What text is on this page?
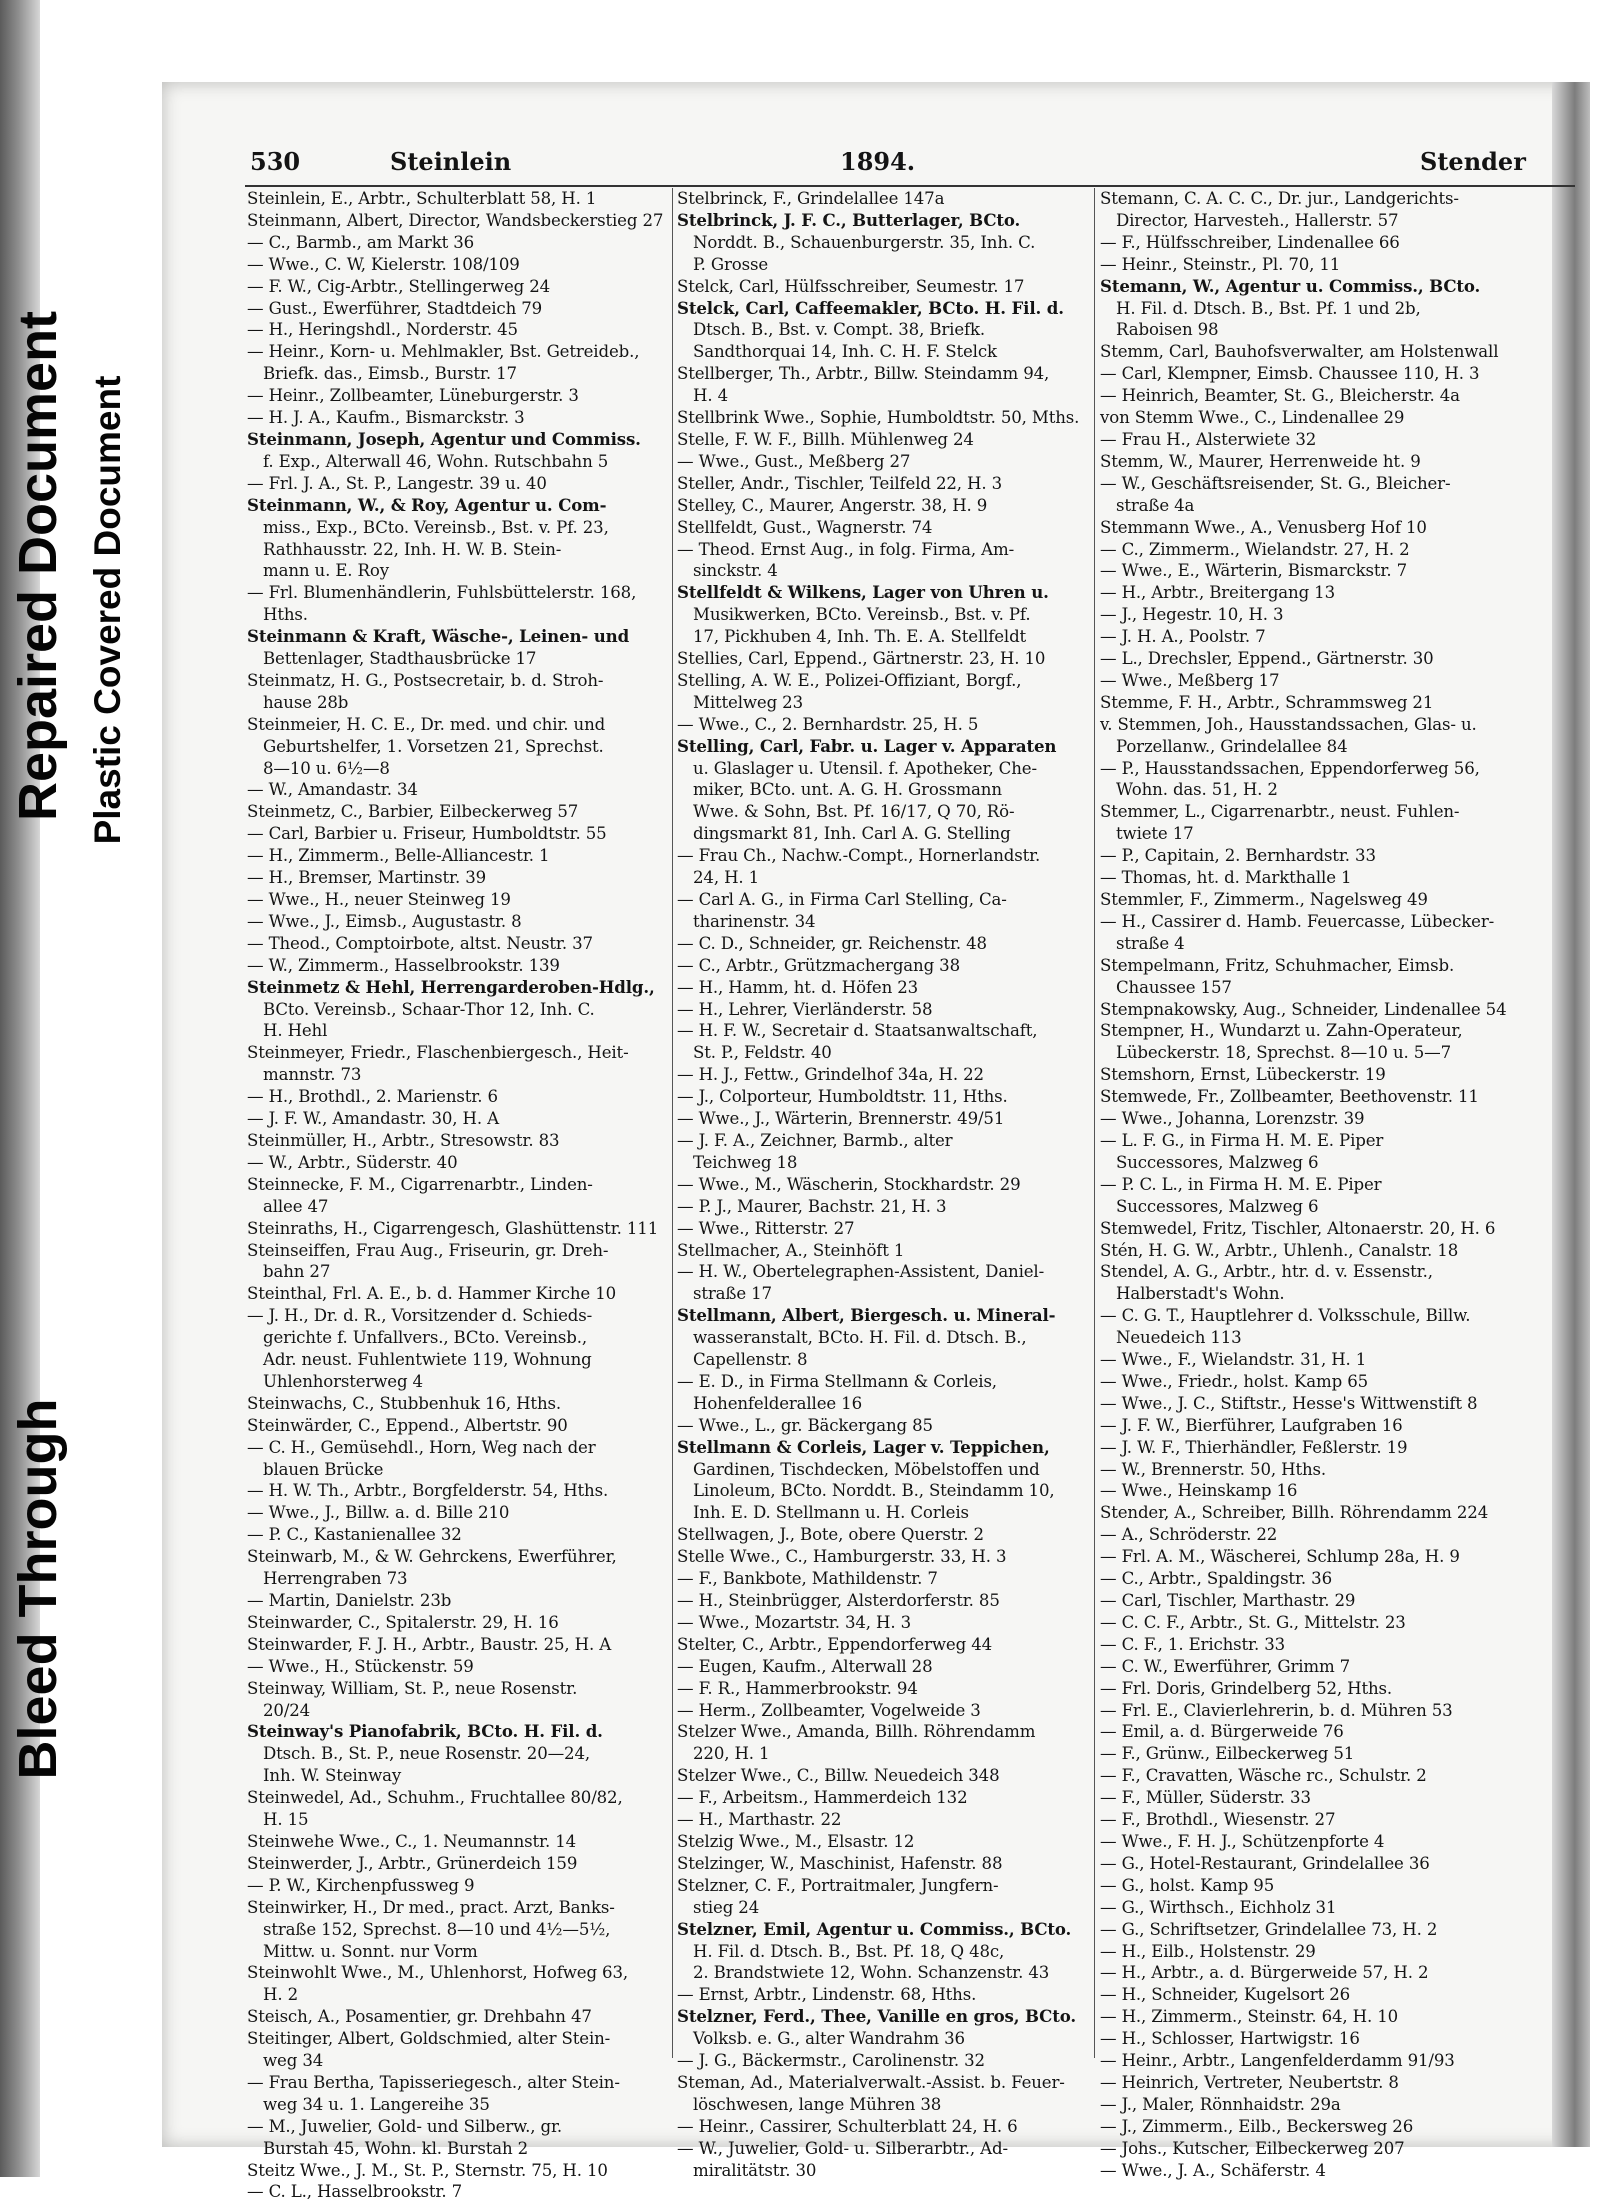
Bleed Through
Repaired Document Plastic Covered Document
530	Steinlein	1894.	Stender
Steinlein, E., Arbtr., Schulterblatt 58, H. 1
Steinmann, Albert, Director, Wandsbeckerstieg 27
— C., Barmb., am Markt 36
— Wwe., C. W, Kielerstr. 108/109
— F. W., Cig-Arbtr., Stellingerweg 24
— Gust., Ewerführer, Stadtdeich 79
— H., Heringshdl., Norderstr. 45
— Heinr., Korn- u. Mehlmakler, Bst. Getreideb.,
Briefk. das., Eimsb., Burstr. 17
— Heinr., Zollbeamter, Lüneburgerstr. 3
— H. J. A., Kaufm., Bismarckstr. 3
Steinmann, Joseph, Agentur und Commiss.
f. Exp., Alterwall 46, Wohn. Rutschbahn 5
— Frl. J. A., St. P., Langestr. 39 u. 40
Steinmann, W., & Roy, Agentur u. Com-
miss., Exp., BCto. Vereinsb., Bst. v. Pf. 23,
Rathhausstr. 22, Inh. H. W. B. Stein-
mann u. E. Roy
— Frl. Blumenhändlerin, Fuhlsbüttelerstr. 168,
Hths.
Steinmann & Kraft, Wäsche-, Leinen- und
Bettenlager, Stadthausbrücke 17
Steinmatz, H. G., Postsecretair, b. d. Stroh-
hause 28b
Steinmeier, H. C. E., Dr. med. und chir. und
Geburtshelfer, 1. Vorsetzen 21, Sprechst.
8—10 u. 6½—8
— W., Amandastr. 34
Steinmetz, C., Barbier, Eilbeckerweg 57
— Carl, Barbier u. Friseur, Humboldtstr. 55
— H., Zimmerm., Belle-Alliancestr. 1
— H., Bremser, Martinstr. 39
— Wwe., H., neuer Steinweg 19
— Wwe., J., Eimsb., Augustastr. 8
— Theod., Comptoirbote, altst. Neustr. 37
— W., Zimmerm., Hasselbrookstr. 139
Steinmetz & Hehl, Herrengarderoben-Hdlg.,
BCto. Vereinsb., Schaar-Thor 12, Inh. C.
H. Hehl
Steinmeyer, Friedr., Flaschenbiergesch., Heit-
mannstr. 73
— H., Brothdl., 2. Marienstr. 6
— J. F. W., Amandastr. 30, H. A
Steinmüller, H., Arbtr., Stresowstr. 83
— W., Arbtr., Süderstr. 40
Steinnecke, F. M., Cigarrenarbtr., Linden-
allee 47
Steinraths, H., Cigarrengesch, Glashüttenstr. 111
Steinseiffen, Frau Aug., Friseurin, gr. Dreh-
bahn 27
Steinthal, Frl. A. E., b. d. Hammer Kirche 10
— J. H., Dr. d. R., Vorsitzender d. Schieds-
gerichte f. Unfallvers., BCto. Vereinsb.,
Adr. neust. Fuhlentwiete 119, Wohnung
Uhlenhorsterweg 4
Steinwachs, C., Stubbenhuk 16, Hths.
Steinwärder, C., Eppend., Albertstr. 90
— C. H., Gemüsehdl., Horn, Weg nach der
blauen Brücke
— H. W. Th., Arbtr., Borgfelderstr. 54, Hths.
— Wwe., J., Billw. a. d. Bille 210
— P. C., Kastanienallee 32
Steinwarb, M., & W. Gehrckens, Ewerführer,
Herrengraben 73
— Martin, Danielstr. 23b
Steinwarder, C., Spitalerstr. 29, H. 16
Steinwarder, F. J. H., Arbtr., Baustr. 25, H. A
— Wwe., H., Stückenstr. 59
Steinway, William, St. P., neue Rosenstr.
20/24
Steinway's Pianofabrik, BCto. H. Fil. d.
Dtsch. B., St. P., neue Rosenstr. 20—24,
Inh. W. Steinway
Steinwedel, Ad., Schuhm., Fruchtallee 80/82,
H. 15
Steinwehe Wwe., C., 1. Neumannstr. 14
Steinwerder, J., Arbtr., Grünerdeich 159
— P. W., Kirchenpfussweg 9
Steinwirker, H., Dr med., pract. Arzt, Banks-
straße 152, Sprechst. 8—10 und 4½—5½,
Mittw. u. Sonnt. nur Vorm
Steinwohlt Wwe., M., Uhlenhorst, Hofweg 63,
H. 2
Steisch, A., Posamentier, gr. Drehbahn 47
Steitinger, Albert, Goldschmied, alter Stein-
weg 34
— Frau Bertha, Tapisseriegesch., alter Stein-
weg 34 u. 1. Langereihe 35
— M., Juwelier, Gold- und Silberw., gr.
Burstah 45, Wohn. kl. Burstah 2
Steitz Wwe., J. M., St. P., Sternstr. 75, H. 10
— C. L., Hasselbrookstr. 7
Stelbrinck, F., Grindelallee 147a
Stelbrinck, J. F. C., Butterlager, BCto.
Norddt. B., Schauenburgerstr. 35, Inh. C.
P. Grosse
Stelck, Carl, Hülfsschreiber, Seumestr. 17
Stelck, Carl, Caffeemakler, BCto. H. Fil. d.
Dtsch. B., Bst. v. Compt. 38, Briefk.
Sandthorquai 14, Inh. C. H. F. Stelck
Stellberger, Th., Arbtr., Billw. Steindamm 94,
H. 4
Stellbrink Wwe., Sophie, Humboldtstr. 50, Mths.
Stelle, F. W. F., Billh. Mühlenweg 24
— Wwe., Gust., Meßberg 27
Steller, Andr., Tischler, Teilfeld 22, H. 3
Stelley, C., Maurer, Angerstr. 38, H. 9
Stellfeldt, Gust., Wagnerstr. 74
— Theod. Ernst Aug., in folg. Firma, Am-
sinckstr. 4
Stellfeldt & Wilkens, Lager von Uhren u.
Musikwerken, BCto. Vereinsb., Bst. v. Pf.
17, Pickhuben 4, Inh. Th. E. A. Stellfeldt
Stellies, Carl, Eppend., Gärtnerstr. 23, H. 10
Stelling, A. W. E., Polizei-Offiziant, Borgf.,
Mittelweg 23
— Wwe., C., 2. Bernhardstr. 25, H. 5
Stelling, Carl, Fabr. u. Lager v. Apparaten
u. Glaslager u. Utensil. f. Apotheker, Che-
miker, BCto. unt. A. G. H. Grossmann
Wwe. & Sohn, Bst. Pf. 16/17, Q 70, Rö-
dingsmarkt 81, Inh. Carl A. G. Stelling
— Frau Ch., Nachw.-Compt., Hornerlandstr.
24, H. 1
— Carl A. G., in Firma Carl Stelling, Ca-
tharinenstr. 34
— C. D., Schneider, gr. Reichenstr. 48
— C., Arbtr., Grützmachergang 38
— H., Hamm, ht. d. Höfen 23
— H., Lehrer, Vierländerstr. 58
— H. F. W., Secretair d. Staatsanwaltschaft,
St. P., Feldstr. 40
— H. J., Fettw., Grindelhof 34a, H. 22
— J., Colporteur, Humboldtstr. 11, Hths.
— Wwe., J., Wärterin, Brennerstr. 49/51
— J. F. A., Zeichner, Barmb., alter
Teichweg 18
— Wwe., M., Wäscherin, Stockhardstr. 29
— P. J., Maurer, Bachstr. 21, H. 3
— Wwe., Ritterstr. 27
Stellmacher, A., Steinhöft 1
— H. W., Obertelegraphen-Assistent, Daniel-
straße 17
Stellmann, Albert, Biergesch. u. Mineral-
wasseranstalt, BCto. H. Fil. d. Dtsch. B.,
Capellenstr. 8
— E. D., in Firma Stellmann & Corleis,
Hohenfelderallee 16
— Wwe., L., gr. Bäckergang 85
Stellmann & Corleis, Lager v. Teppichen,
Gardinen, Tischdecken, Möbelstoffen und
Linoleum, BCto. Norddt. B., Steindamm 10,
Inh. E. D. Stellmann u. H. Corleis
Stellwagen, J., Bote, obere Querstr. 2
Stelle Wwe., C., Hamburgerstr. 33, H. 3
— F., Bankbote, Mathildenstr. 7
— H., Steinbrügger, Alsterdorferstr. 85
— Wwe., Mozartstr. 34, H. 3
Stelter, C., Arbtr., Eppendorferweg 44
— Eugen, Kaufm., Alterwall 28
— F. R., Hammerbrookstr. 94
— Herm., Zollbeamter, Vogelweide 3
Stelzer Wwe., Amanda, Billh. Röhrendamm
220, H. 1
Stelzer Wwe., C., Billw. Neuedeich 348
— F., Arbeitsm., Hammerdeich 132
— H., Marthastr. 22
Stelzig Wwe., M., Elsastr. 12
Stelzinger, W., Maschinist, Hafenstr. 88
Stelzner, C. F., Portraitmaler, Jungfern-
stieg 24
Stelzner, Emil, Agentur u. Commiss., BCto.
H. Fil. d. Dtsch. B., Bst. Pf. 18, Q 48c,
2. Brandstwiete 12, Wohn. Schanzenstr. 43
— Ernst, Arbtr., Lindenstr. 68, Hths.
Stelzner, Ferd., Thee, Vanille en gros, BCto.
Volksb. e. G., alter Wandrahm 36
— J. G., Bäckermstr., Carolinenstr. 32
Steman, Ad., Materialverwalt.-Assist. b. Feuer-
löschwesen, lange Mühren 38
— Heinr., Cassirer, Schulterblatt 24, H. 6
— W., Juwelier, Gold- u. Silberarbtr., Ad-
miralitätstr. 30
Stemann, C. A. C. C., Dr. jur., Landgerichts-
Director, Harvesteh., Hallerstr. 57
— F., Hülfsschreiber, Lindenallee 66
— Heinr., Steinstr., Pl. 70, 11
Stemann, W., Agentur u. Commiss., BCto.
H. Fil. d. Dtsch. B., Bst. Pf. 1 und 2b,
Raboisen 98
Stemm, Carl, Bauhofsverwalter, am Holstenwall
— Carl, Klempner, Eimsb. Chaussee 110, H. 3
— Heinrich, Beamter, St. G., Bleicherstr. 4a
von Stemm Wwe., C., Lindenallee 29
— Frau H., Alsterwiete 32
Stemm, W., Maurer, Herrenweide ht. 9
— W., Geschäftsreisender, St. G., Bleicher-
straße 4a
Stemmann Wwe., A., Venusberg Hof 10
— C., Zimmerm., Wielandstr. 27, H. 2
— Wwe., E., Wärterin, Bismarckstr. 7
— H., Arbtr., Breitergang 13
— J., Hegestr. 10, H. 3
— J. H. A., Poolstr. 7
— L., Drechsler, Eppend., Gärtnerstr. 30
— Wwe., Meßberg 17
Stemme, F. H., Arbtr., Schrammsweg 21
v. Stemmen, Joh., Hausstandssachen, Glas- u.
Porzellanw., Grindelallee 84
— P., Hausstandssachen, Eppendorferweg 56,
Wohn. das. 51, H. 2
Stemmer, L., Cigarrenarbtr., neust. Fuhlen-
twiete 17
— P., Capitain, 2. Bernhardstr. 33
— Thomas, ht. d. Markthalle 1
Stemmler, F., Zimmerm., Nagelsweg 49
— H., Cassirer d. Hamb. Feuercasse, Lübecker-
straße 4
Stempelmann, Fritz, Schuhmacher, Eimsb.
Chaussee 157
Stempnakowsky, Aug., Schneider, Lindenallee 54
Stempner, H., Wundarzt u. Zahn-Operateur,
Lübeckerstr. 18, Sprechst. 8—10 u. 5—7
Stemshorn, Ernst, Lübeckerstr. 19
Stemwede, Fr., Zollbeamter, Beethovenstr. 11
— Wwe., Johanna, Lorenzstr. 39
— L. F. G., in Firma H. M. E. Piper
Successores, Malzweg 6
— P. C. L., in Firma H. M. E. Piper
Successores, Malzweg 6
Stemwedel, Fritz, Tischler, Altonaerstr. 20, H. 6
Stén, H. G. W., Arbtr., Uhlenh., Canalstr. 18
Stendel, A. G., Arbtr., htr. d. v. Essenstr.,
Halberstadt's Wohn.
— C. G. T., Hauptlehrer d. Volksschule, Billw.
Neuedeich 113
— Wwe., F., Wielandstr. 31, H. 1
— Wwe., Friedr., holst. Kamp 65
— Wwe., J. C., Stiftstr., Hesse's Wittwenstift 8
— J. F. W., Bierführer, Laufgraben 16
— J. W. F., Thierhändler, Feßlerstr. 19
— W., Brennerstr. 50, Hths.
— Wwe., Heinskamp 16
Stender, A., Schreiber, Billh. Röhrendamm 224
— A., Schröderstr. 22
— Frl. A. M., Wäscherei, Schlump 28a, H. 9
— C., Arbtr., Spaldingstr. 36
— Carl, Tischler, Marthastr. 29
— C. C. F., Arbtr., St. G., Mittelstr. 23
— C. F., 1. Erichstr. 33
— C. W., Ewerführer, Grimm 7
— Frl. Doris, Grindelberg 52, Hths.
— Frl. E., Clavierlehrerin, b. d. Mühren 53
— Emil, a. d. Bürgerweide 76
— F., Grünw., Eilbeckerweg 51
— F., Cravatten, Wäsche rc., Schulstr. 2
— F., Müller, Süderstr. 33
— F., Brothdl., Wiesenstr. 27
— Wwe., F. H. J., Schützenpforte 4
— G., Hotel-Restaurant, Grindelallee 36
— G., holst. Kamp 95
— G., Wirthsch., Eichholz 31
— G., Schriftsetzer, Grindelallee 73, H. 2
— H., Eilb., Holstenstr. 29
— H., Arbtr., a. d. Bürgerweide 57, H. 2
— H., Schneider, Kugelsort 26
— H., Zimmerm., Steinstr. 64, H. 10
— H., Schlosser, Hartwigstr. 16
— Heinr., Arbtr., Langenfelderdamm 91/93
— Heinrich, Vertreter, Neubertstr. 8
— J., Maler, Rönnhaidstr. 29a
— J., Zimmerm., Eilb., Beckersweg 26
— Johs., Kutscher, Eilbeckerweg 207
— Wwe., J. A., Schäferstr. 4
